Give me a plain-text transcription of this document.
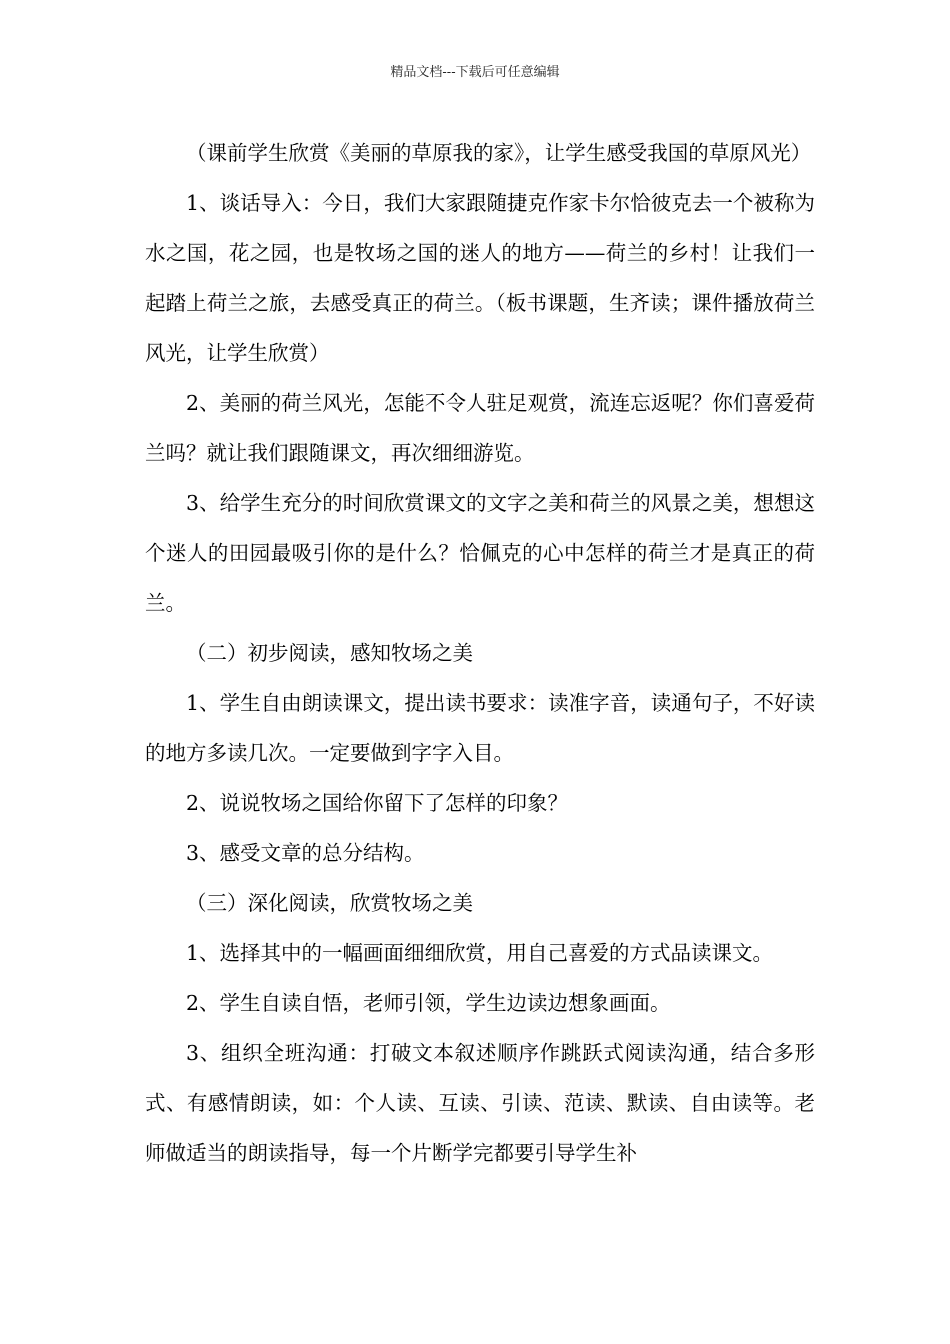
精品文档---下载后可任意编辑

（课前学生欣赏《美丽的草原我的家》，让学生感受我国的草原风光）

1、谈话导入：今日，我们大家跟随捷克作家卡尔恰彼克去一个被称为水之国，花之园，也是牧场之国的迷人的地方——荷兰的乡村！让我们一起踏上荷兰之旅，去感受真正的荷兰。（板书课题，生齐读；课件播放荷兰风光，让学生欣赏）

2、美丽的荷兰风光，怎能不令人驻足观赏，流连忘返呢？你们喜爱荷兰吗？就让我们跟随课文，再次细细游览。

3、给学生充分的时间欣赏课文的文字之美和荷兰的风景之美，想想这个迷人的田园最吸引你的是什么？恰佩克的心中怎样的荷兰才是真正的荷兰。

（二）初步阅读，感知牧场之美

1、学生自由朗读课文，提出读书要求：读准字音，读通句子，不好读的地方多读几次。一定要做到字字入目。

2、说说牧场之国给你留下了怎样的印象？

3、感受文章的总分结构。

（三）深化阅读，欣赏牧场之美

1、选择其中的一幅画面细细欣赏，用自己喜爱的方式品读课文。

2、学生自读自悟，老师引领，学生边读边想象画面。

3、组织全班沟通：打破文本叙述顺序作跳跃式阅读沟通，结合多形式、有感情朗读，如：个人读、互读、引读、范读、默读、自由读等。老师做适当的朗读指导，每一个片断学完都要引导学生补
